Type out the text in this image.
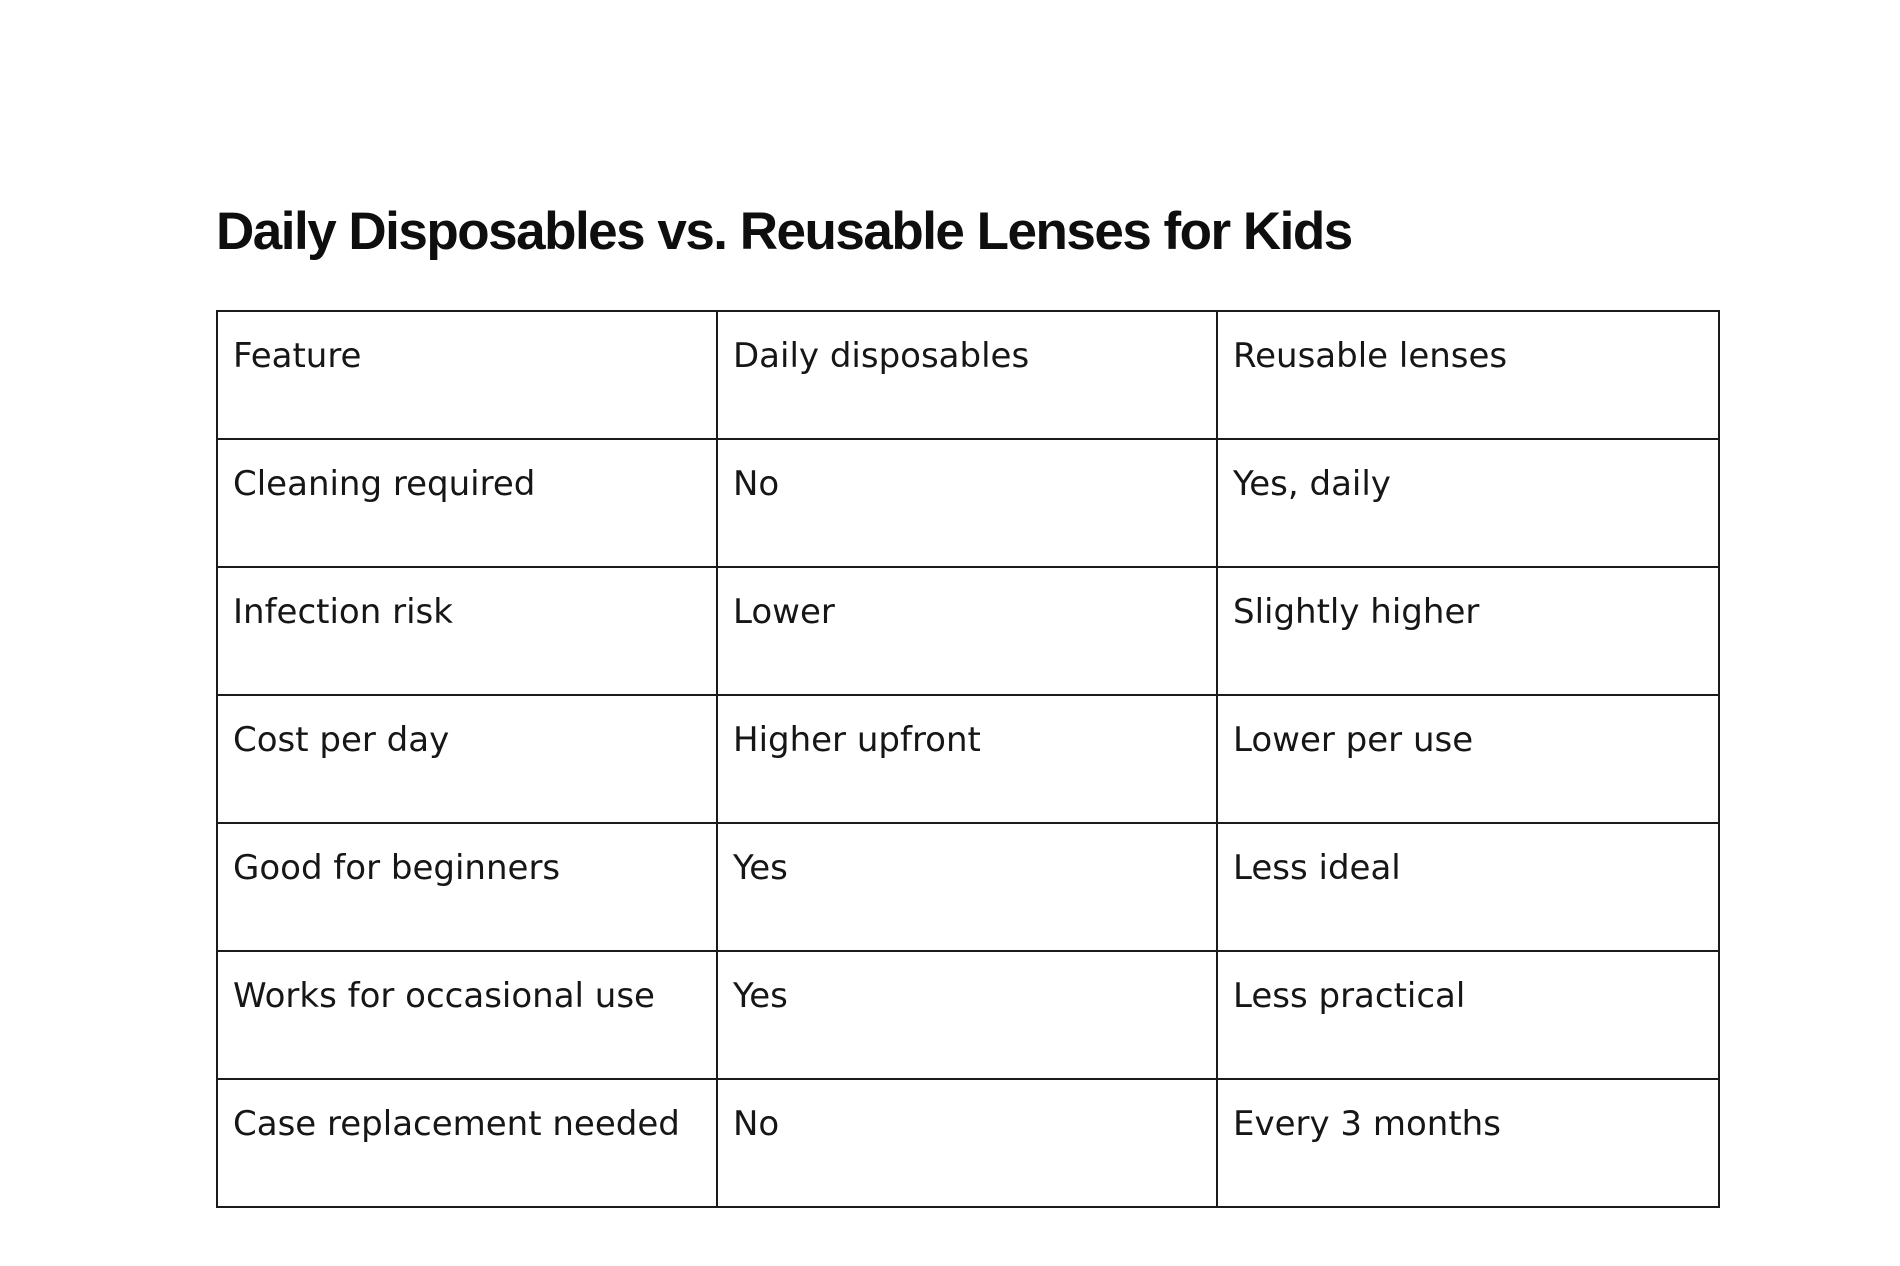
Daily Disposables vs. Reusable Lenses for Kids
Feature	Daily disposables	Reusable lenses

Cleaning required	No	Yes, daily

Infection risk	Lower	Slightly higher

Cost per day	Higher upfront	Lower per use

Good for beginners	Yes	Less ideal

Works for occasional use	Yes	Less practical

Case replacement needed	No	Every 3 months
